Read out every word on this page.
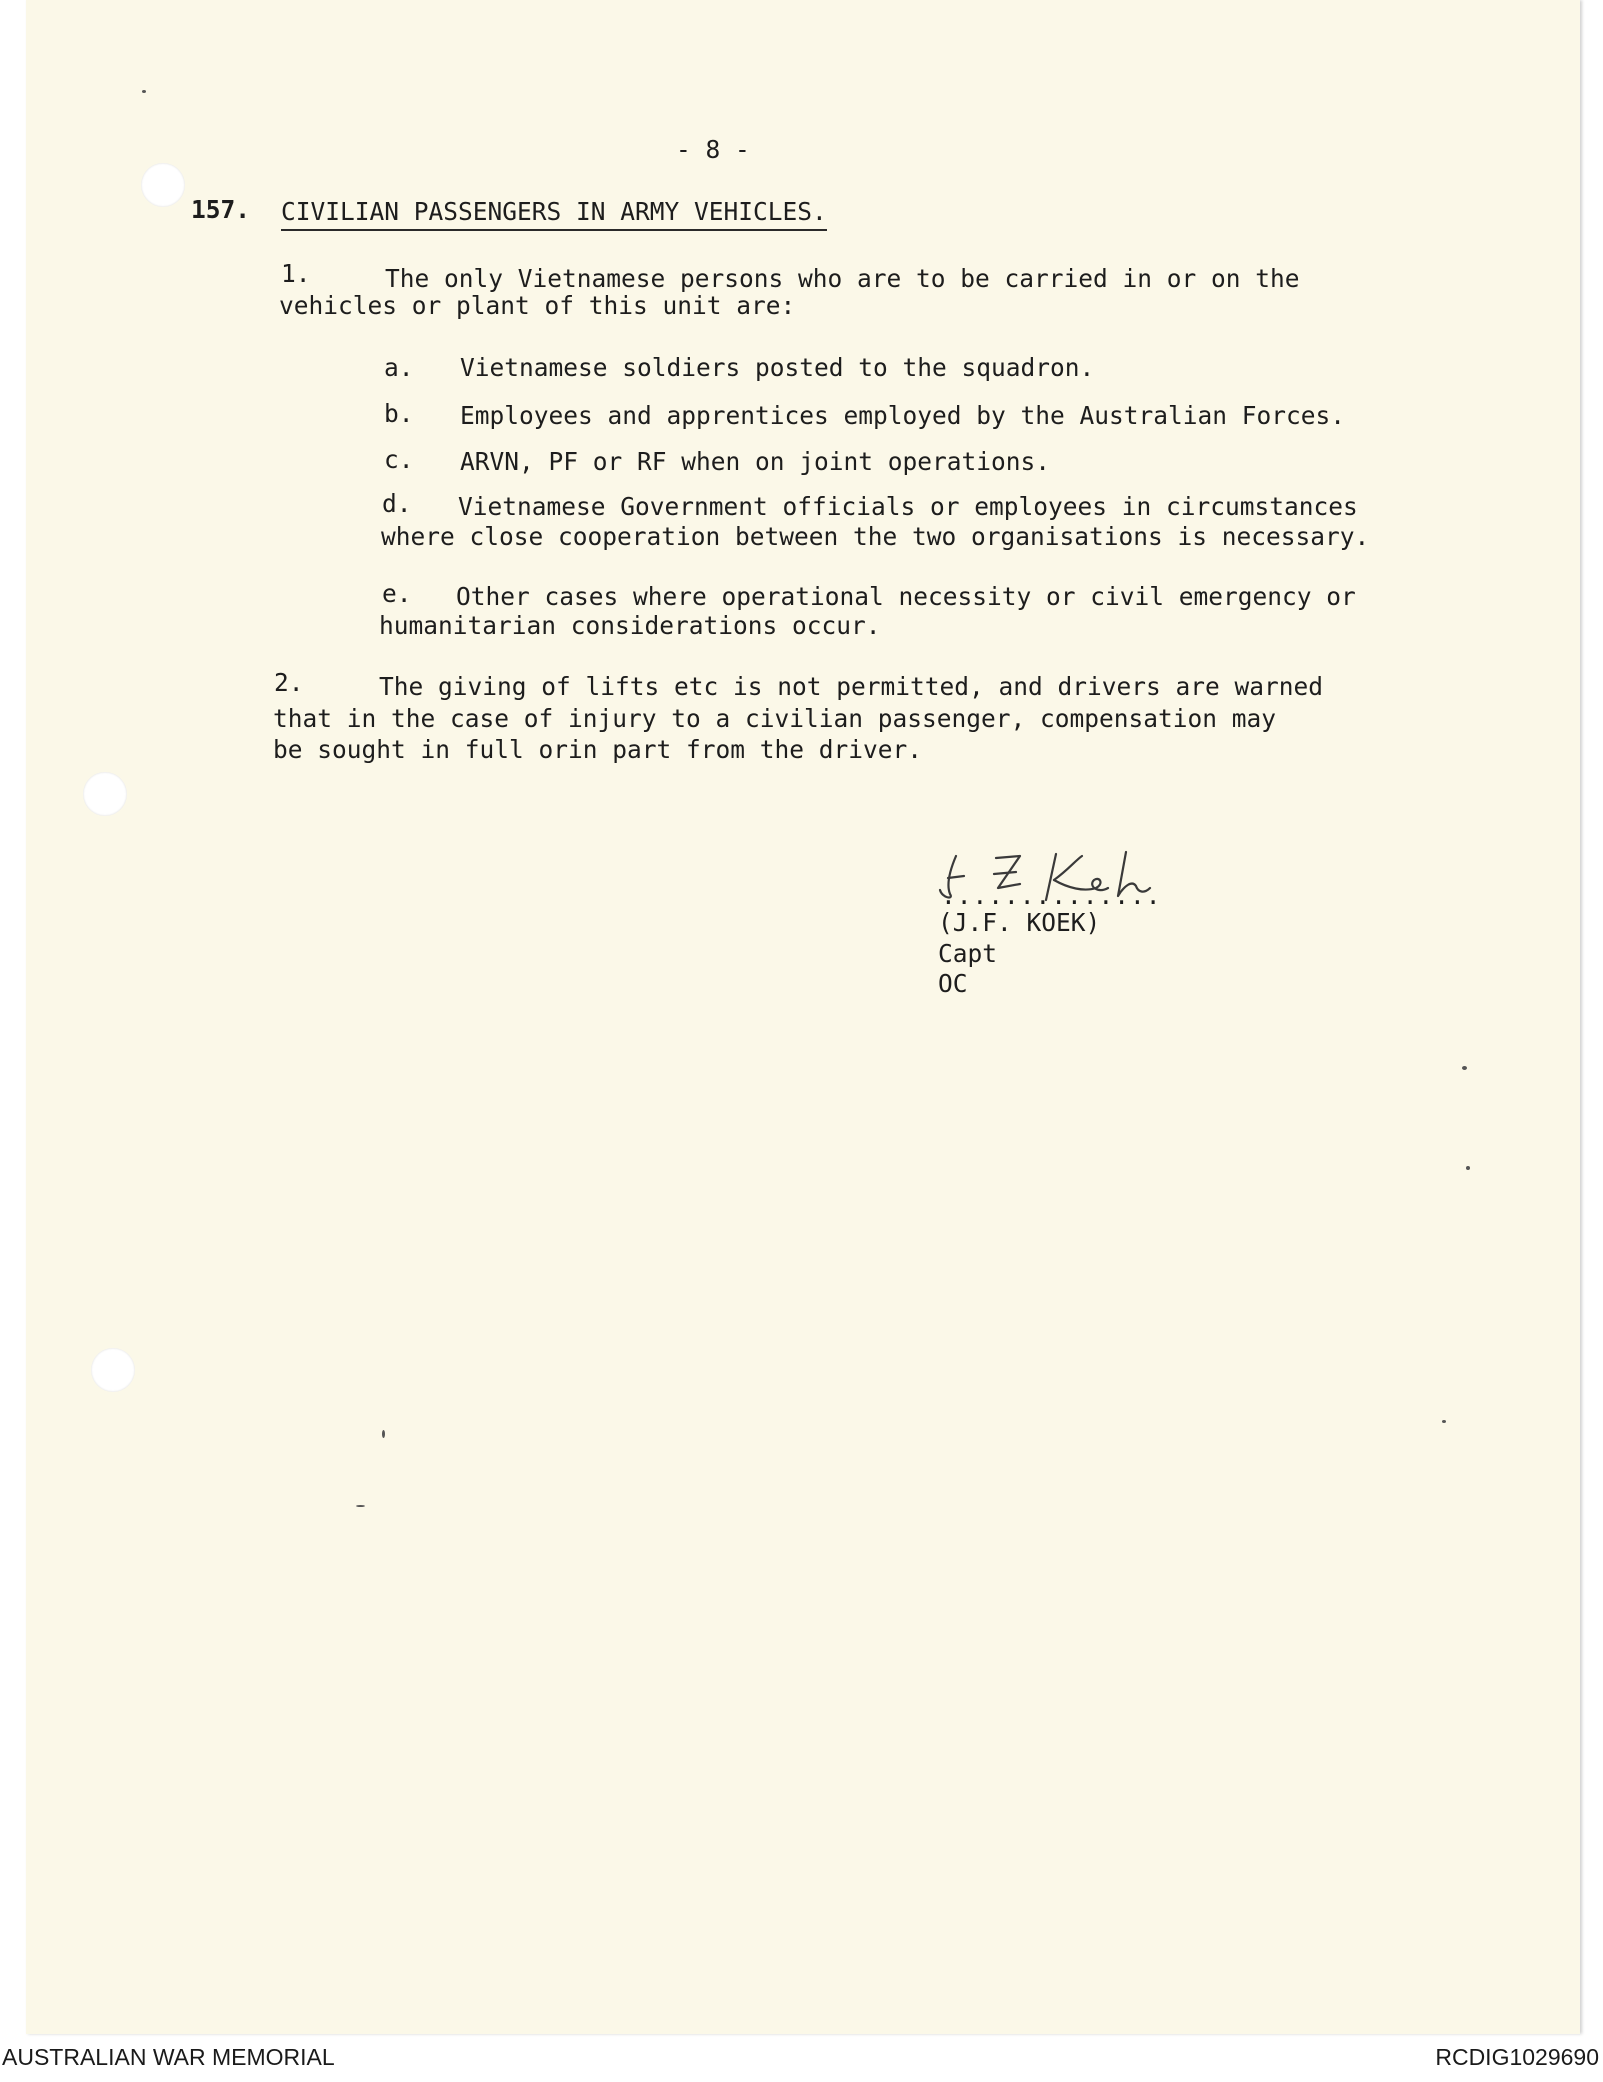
- 8 -
157. CIVILIAN PASSENGERS IN ARMY VEHICLES.
1.	The only Vietnamese persons who are to be carried in or on the
vehicles or plant of this unit are:
a. Vietnamese soldiers posted to the squadron.
b. Employees and apprentices employed by the Australian Forces.
c. ARVN, PF or RF when on joint operations.
d. Vietnamese Government officials or employees in circumstances
where close cooperation between the two organisations is necessary.
e. Other cases where operational necessity or civil emergency or
humanitarian considerations occur.
2.	The giving of lifts etc is not permitted, and drivers are warned
that in the case of injury to a civilian passenger, compensation may
be sought in full orin part from the driver.
..............
(J.F. KOEK)
Capt
OC
AUSTRALIAN WAR MEMORIAL	RCDIG1029690
